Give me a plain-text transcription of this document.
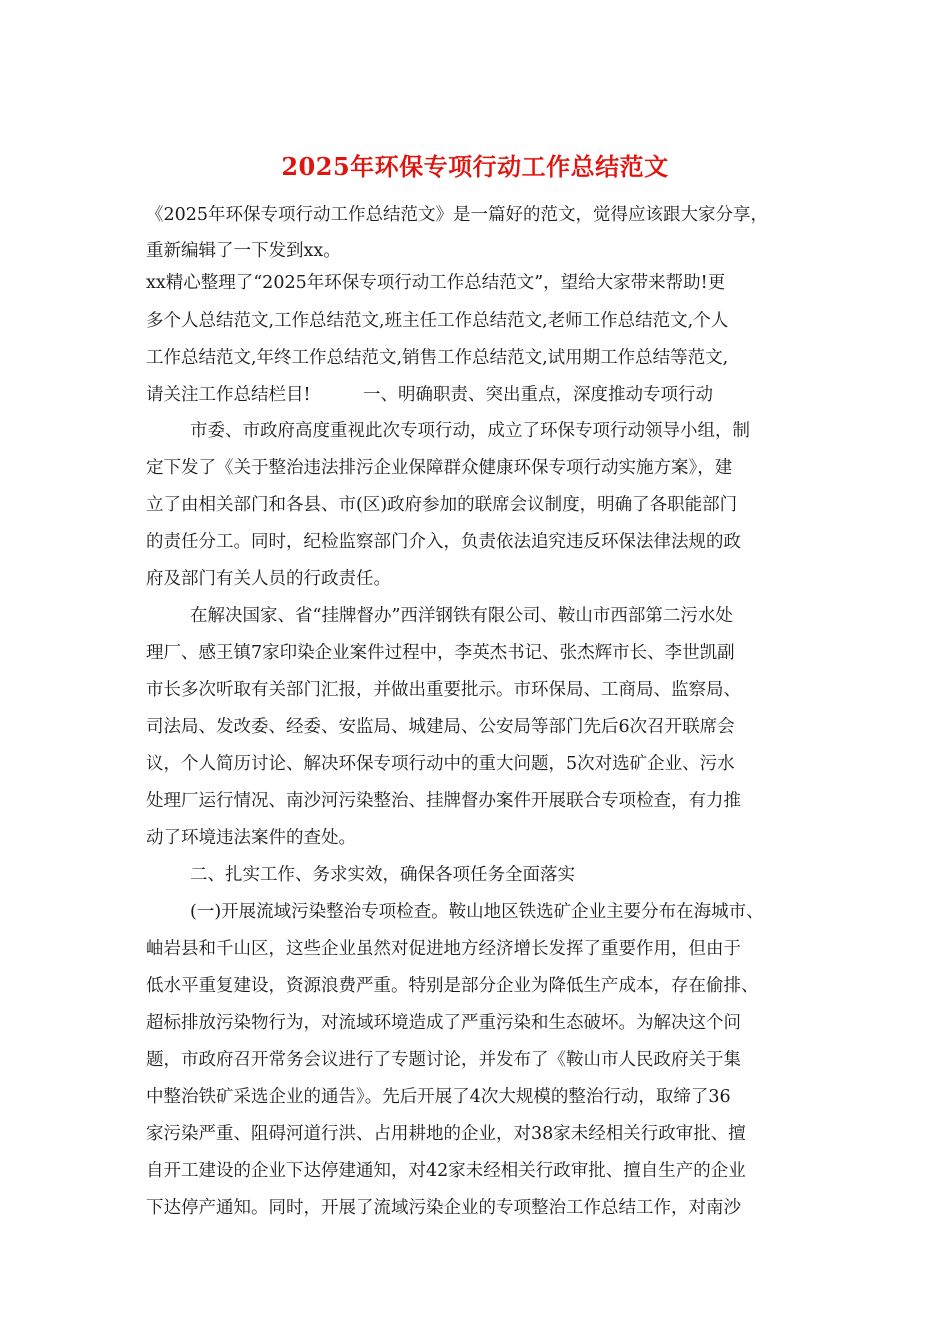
2025年环保专项行动工作总结范文
《2025年环保专项行动工作总结范文》是一篇好的范文，觉得应该跟大家分享，
重新编辑了一下发到xx。
xx精心整理了“2025年环保专项行动工作总结范文”，望给大家带来帮助!更
多个人总结范文,工作总结范文,班主任工作总结范文,老师工作总结范文,个人
工作总结范文,年终工作总结范文,销售工作总结范文,试用期工作总结等范文,
请关注工作总结栏目!　　　一、明确职责、突出重点，深度推动专项行动
市委、市政府高度重视此次专项行动，成立了环保专项行动领导小组，制
定下发了《关于整治违法排污企业保障群众健康环保专项行动实施方案》，建
立了由相关部门和各县、市(区)政府参加的联席会议制度，明确了各职能部门
的责任分工。同时，纪检监察部门介入，负责依法追究违反环保法律法规的政
府及部门有关人员的行政责任。
在解决国家、省“挂牌督办”西洋钢铁有限公司、鞍山市西部第二污水处
理厂、感王镇7家印染企业案件过程中，李英杰书记、张杰辉市长、李世凯副
市长多次听取有关部门汇报，并做出重要批示。市环保局、工商局、监察局、
司法局、发改委、经委、安监局、城建局、公安局等部门先后6次召开联席会
议，个人简历讨论、解决环保专项行动中的重大问题，5次对选矿企业、污水
处理厂运行情况、南沙河污染整治、挂牌督办案件开展联合专项检查，有力推
动了环境违法案件的查处。
二、扎实工作、务求实效，确保各项任务全面落实
(一)开展流域污染整治专项检查。鞍山地区铁选矿企业主要分布在海城市、
岫岩县和千山区，这些企业虽然对促进地方经济增长发挥了重要作用，但由于
低水平重复建设，资源浪费严重。特别是部分企业为降低生产成本，存在偷排、
超标排放污染物行为，对流域环境造成了严重污染和生态破坏。为解决这个问
题，市政府召开常务会议进行了专题讨论，并发布了《鞍山市人民政府关于集
中整治铁矿采选企业的通告》。先后开展了4次大规模的整治行动，取缔了36
家污染严重、阻碍河道行洪、占用耕地的企业，对38家未经相关行政审批、擅
自开工建设的企业下达停建通知，对42家未经相关行政审批、擅自生产的企业
下达停产通知。同时，开展了流域污染企业的专项整治工作总结工作，对南沙
